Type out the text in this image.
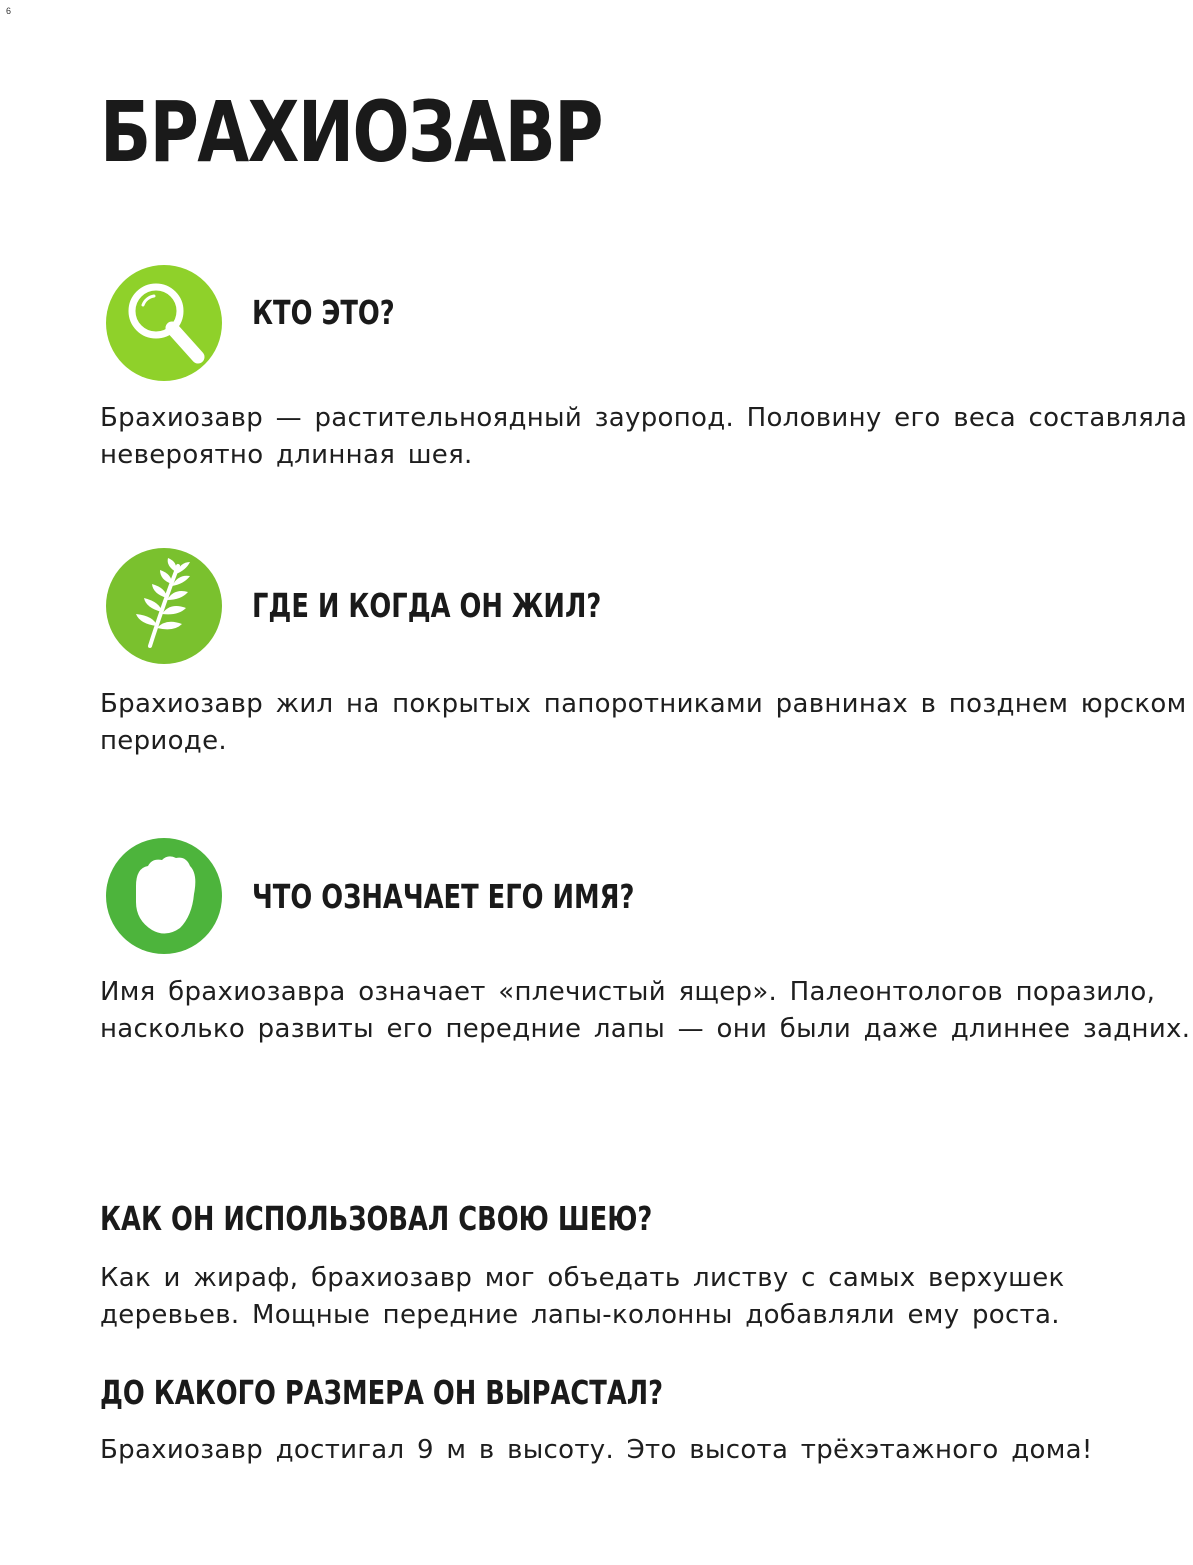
6
БРАХИОЗАВР
КТО ЭТО?

Брахиозавр — растительноядный зауропод. Половину его веса составляла
невероятно длинная шея.

ГДЕ И КОГДА ОН ЖИЛ?

Брахиозавр жил на покрытых папоротниками равнинах в позднем юрском
периоде.

ЧТО ОЗНАЧАЕТ ЕГО ИМЯ?

Имя брахиозавра означает «плечистый ящер». Палеонтологов поразило,
насколько развиты его передние лапы — они были даже длиннее задних.

КАК ОН ИСПОЛЬЗОВАЛ СВОЮ ШЕЮ?

Как и жираф, брахиозавр мог объедать листву с самых верхушек
деревьев. Мощные передние лапы-колонны добавляли ему роста.

ДО КАКОГО РАЗМЕРА ОН ВЫРАСТАЛ?

Брахиозавр достигал 9 м в высоту. Это высота трёхэтажного дома!
